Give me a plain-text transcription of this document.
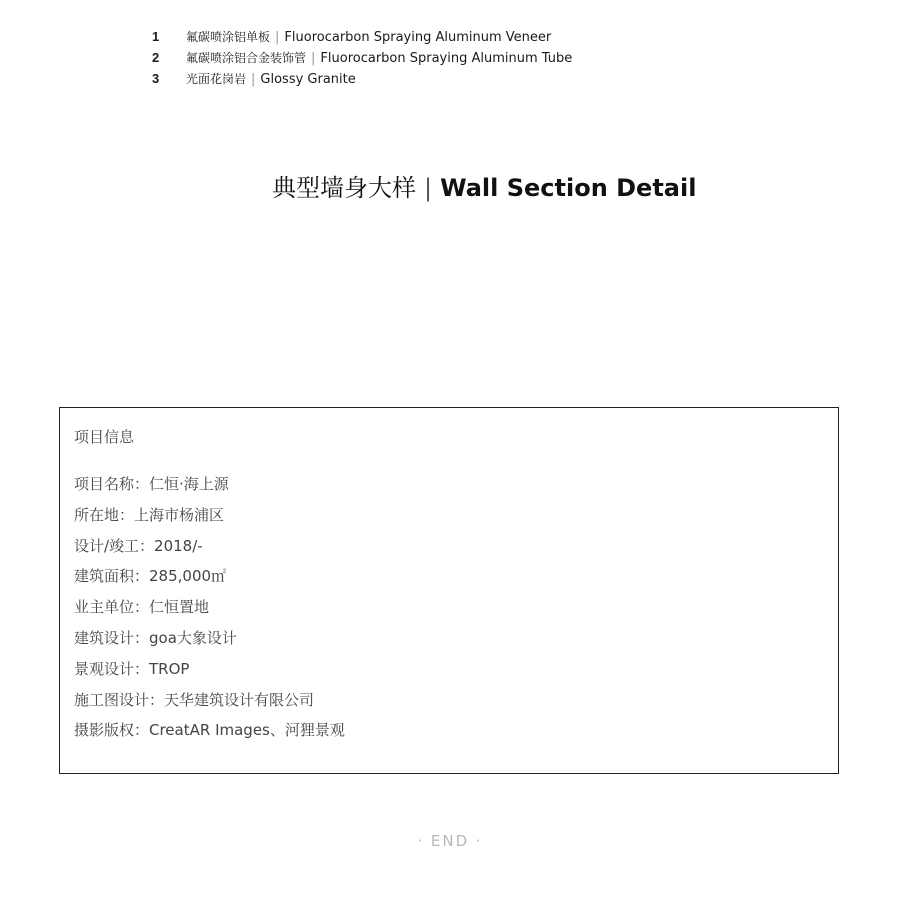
1 氟碳喷涂铝单板 | Fluorocarbon Spraying Aluminum Veneer
2 氟碳喷涂铝合金装饰管 | Fluorocarbon Spraying Aluminum Tube
3 光面花岗岩 | Glossy Granite
典型墙身大样 | Wall Section Detail
项目信息
项目名称：仁恒·海上源
所在地：上海市杨浦区
设计/竣工：2018/-
建筑面积：285,000㎡
业主单位：仁恒置地
建筑设计：goa大象设计
景观设计：TROP
施工图设计：天华建筑设计有限公司
摄影版权：CreatAR Images、河狸景观
· END ·
